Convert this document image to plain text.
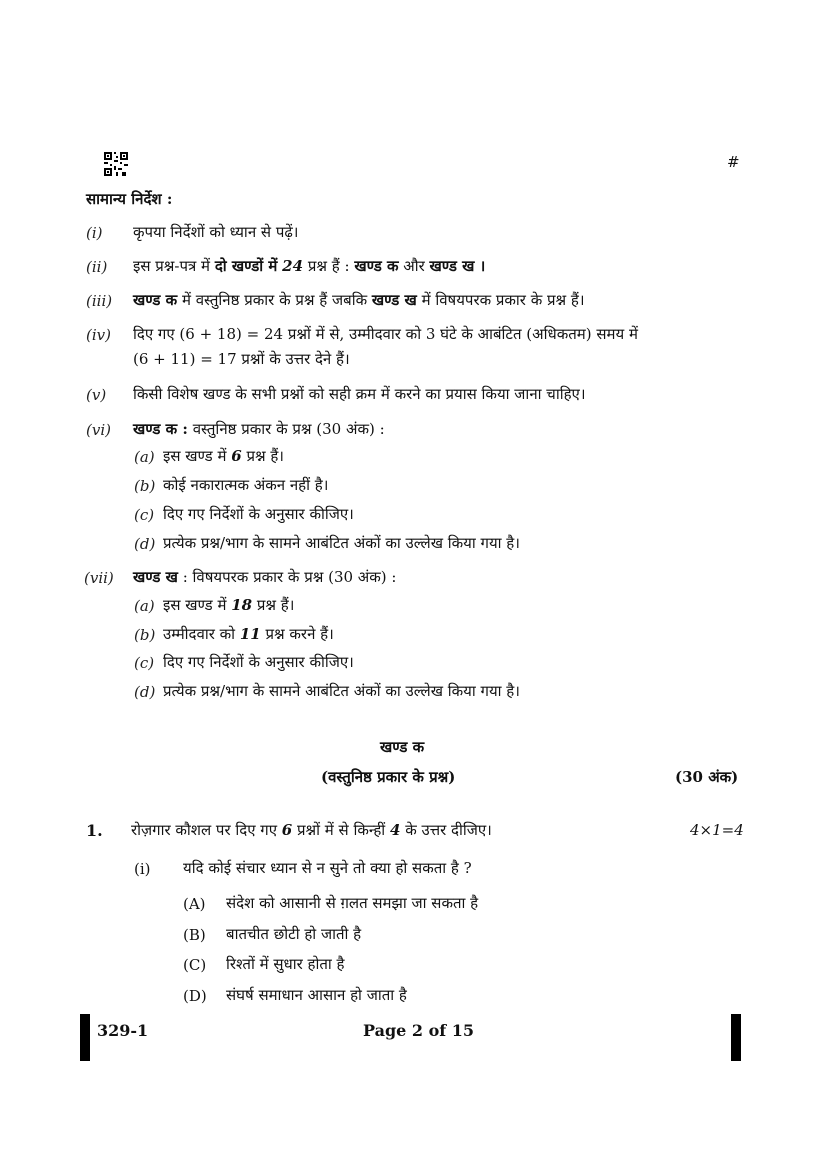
#
सामान्य निर्देश :
(i) कृपया निर्देशों को ध्यान से पढ़ें।
(ii) इस प्रश्न-पत्र में दो खण्डों में 24 प्रश्न हैं : खण्ड क और खण्ड ख ।
(iii) खण्ड क में वस्तुनिष्ठ प्रकार के प्रश्न हैं जबकि खण्ड ख में विषयपरक प्रकार के प्रश्न हैं।
(iv) दिए गए (6 + 18) = 24 प्रश्नों में से, उम्मीदवार को 3 घंटे के आबंटित (अधिकतम) समय में
(6 + 11) = 17 प्रश्नों के उत्तर देने हैं।
(v) किसी विशेष खण्ड के सभी प्रश्नों को सही क्रम में करने का प्रयास किया जाना चाहिए।
(vi) खण्ड क : वस्तुनिष्ठ प्रकार के प्रश्न (30 अंक) :
(a) इस खण्ड में 6 प्रश्न हैं।
(b) कोई नकारात्मक अंकन नहीं है।
(c) दिए गए निर्देशों के अनुसार कीजिए।
(d) प्रत्येक प्रश्न/भाग के सामने आबंटित अंकों का उल्लेख किया गया है।
(vii) खण्ड ख : विषयपरक प्रकार के प्रश्न (30 अंक) :
(a) इस खण्ड में 18 प्रश्न हैं।
(b) उम्मीदवार को 11 प्रश्न करने हैं।
(c) दिए गए निर्देशों के अनुसार कीजिए।
(d) प्रत्येक प्रश्न/भाग के सामने आबंटित अंकों का उल्लेख किया गया है।
खण्ड क
(वस्तुनिष्ठ प्रकार के प्रश्न)	(30 अंक)
1. रोज़गार कौशल पर दिए गए 6 प्रश्नों में से किन्हीं 4 के उत्तर दीजिए।	4×1=4
(i) यदि कोई संचार ध्यान से न सुने तो क्या हो सकता है ?
(A) संदेश को आसानी से ग़लत समझा जा सकता है
(B) बातचीत छोटी हो जाती है
(C) रिश्तों में सुधार होता है
(D) संघर्ष समाधान आसान हो जाता है
329-1	Page 2 of 15
